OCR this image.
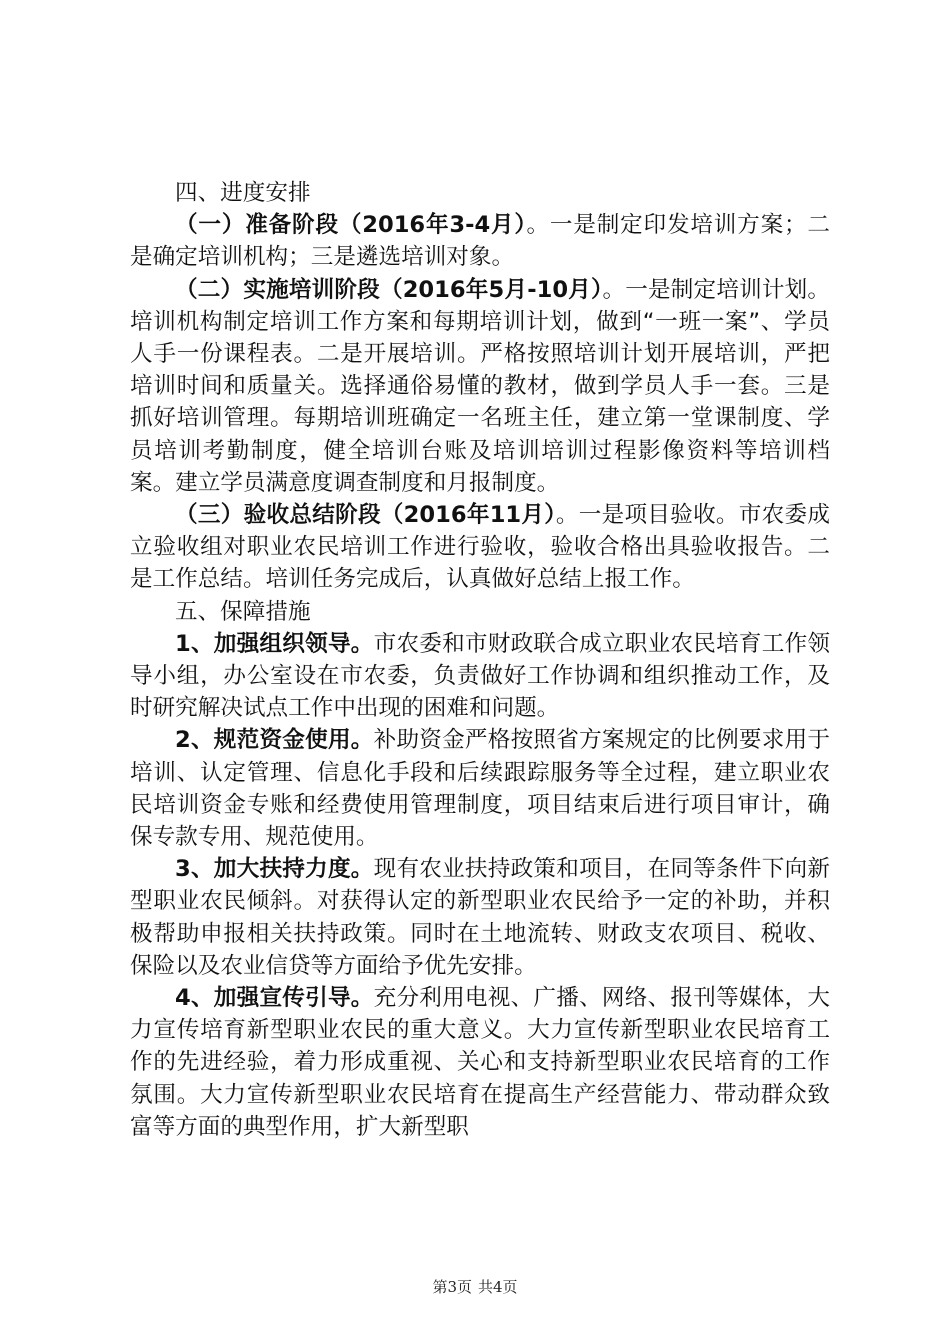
四、进度安排

（一）准备阶段（2016年3-4月）。一是制定印发培训方案；二是确定培训机构；三是遴选培训对象。

（二）实施培训阶段（2016年5月-10月）。一是制定培训计划。培训机构制定培训工作方案和每期培训计划，做到“一班一案”、学员人手一份课程表。二是开展培训。严格按照培训计划开展培训，严把培训时间和质量关。选择通俗易懂的教材，做到学员人手一套。三是抓好培训管理。每期培训班确定一名班主任，建立第一堂课制度、学员培训考勤制度，健全培训台账及培训培训过程影像资料等培训档案。建立学员满意度调查制度和月报制度。

（三）验收总结阶段（2016年11月）。一是项目验收。市农委成立验收组对职业农民培训工作进行验收，验收合格出具验收报告。二是工作总结。培训任务完成后，认真做好总结上报工作。

五、保障措施

1、加强组织领导。市农委和市财政联合成立职业农民培育工作领导小组，办公室设在市农委，负责做好工作协调和组织推动工作，及时研究解决试点工作中出现的困难和问题。

2、规范资金使用。补助资金严格按照省方案规定的比例要求用于培训、认定管理、信息化手段和后续跟踪服务等全过程，建立职业农民培训资金专账和经费使用管理制度，项目结束后进行项目审计，确保专款专用、规范使用。

3、加大扶持力度。现有农业扶持政策和项目，在同等条件下向新型职业农民倾斜。对获得认定的新型职业农民给予一定的补助，并积极帮助申报相关扶持政策。同时在土地流转、财政支农项目、税收、保险以及农业信贷等方面给予优先安排。

4、加强宣传引导。充分利用电视、广播、网络、报刊等媒体，大力宣传培育新型职业农民的重大意义。大力宣传新型职业农民培育工作的先进经验，着力形成重视、关心和支持新型职业农民培育的工作氛围。大力宣传新型职业农民培育在提高生产经营能力、带动群众致富等方面的典型作用，扩大新型职

第3页 共4页
